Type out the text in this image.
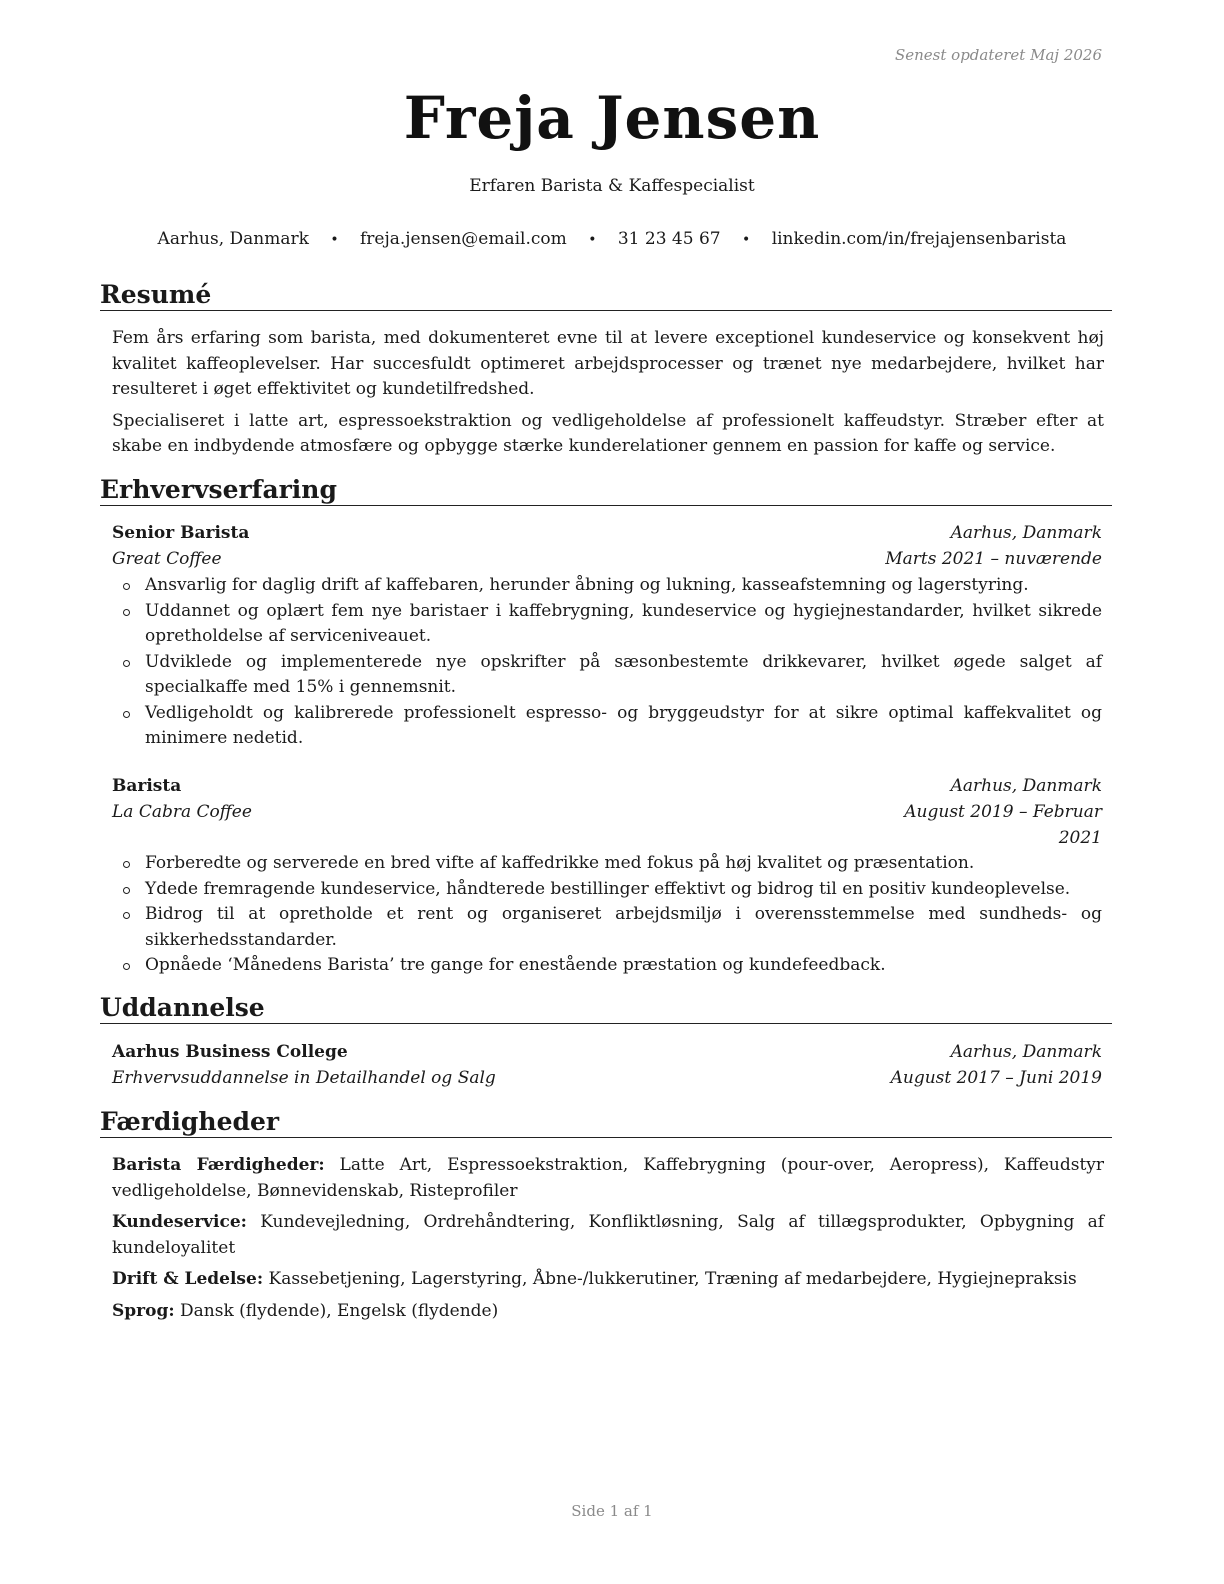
Senest opdateret Maj 2026
Freja Jensen
Erfaren Barista & Kaffespecialist
Aarhus, Danmark • freja.jensen@email.com • 31 23 45 67 • linkedin.com/in/frejajensenbarista
Resumé

Fem års erfaring som barista, med dokumenteret evne til at levere exceptionel kundeservice og konsekvent høj kvalitet kaffeoplevelser. Har succesfuldt optimeret arbejdsprocesser og trænet nye medarbejdere, hvilket har resulteret i øget effektivitet og kundetilfredshed.

Specialiseret i latte art, espressoekstraktion og vedligeholdelse af professionelt kaffeudstyr. Stræber efter at skabe en indbydende atmosfære og opbygge stærke kunderelationer gennem en passion for kaffe og service.

Erhvervserfaring
Senior Barista	Aarhus, Danmark
Great Coffee	Marts 2021 – nuværende
Ansvarlig for daglig drift af kaffebaren, herunder åbning og lukning, kasseafstemning og lagerstyring.
Uddannet og oplært fem nye baristaer i kaffebrygning, kundeservice og hygiejnestandarder, hvilket sikrede opretholdelse af serviceniveauet.
Udviklede og implementerede nye opskrifter på sæsonbestemte drikkevarer, hvilket øgede salget af specialkaffe med 15% i gennemsnit.
Vedligeholdt og kalibrerede professionelt espresso- og bryggeudstyr for at sikre optimal kaffekvalitet og minimere nedetid.
Barista	Aarhus, Danmark
La Cabra Coffee	August 2019 – Februar 2021
Forberedte og serverede en bred vifte af kaffedrikke med fokus på høj kvalitet og præsentation.
Ydede fremragende kundeservice, håndterede bestillinger effektivt og bidrog til en positiv kundeoplevelse.
Bidrog til at opretholde et rent og organiseret arbejdsmiljø i overensstemmelse med sundheds- og sikkerhedsstandarder.
Opnåede ‘Månedens Barista’ tre gange for enestående præstation og kundefeedback.
Uddannelse
Aarhus Business College	Aarhus, Danmark
Erhvervsuddannelse in Detailhandel og Salg	August 2017 – Juni 2019
Færdigheder
Barista Færdigheder: Latte Art, Espressoekstraktion, Kaffebrygning (pour-over, Aeropress), Kaffeudstyr vedligeholdelse, Bønnevidenskab, Risteprofiler
Kundeservice: Kundevejledning, Ordrehåndtering, Konfliktløsning, Salg af tillægsprodukter, Opbygning af kundeloyalitet
Drift & Ledelse: Kassebetjening, Lagerstyring, Åbne-/lukkerutiner, Træning af medarbejdere, Hygiejnepraksis
Sprog: Dansk (flydende), Engelsk (flydende)
Side 1 af 1
